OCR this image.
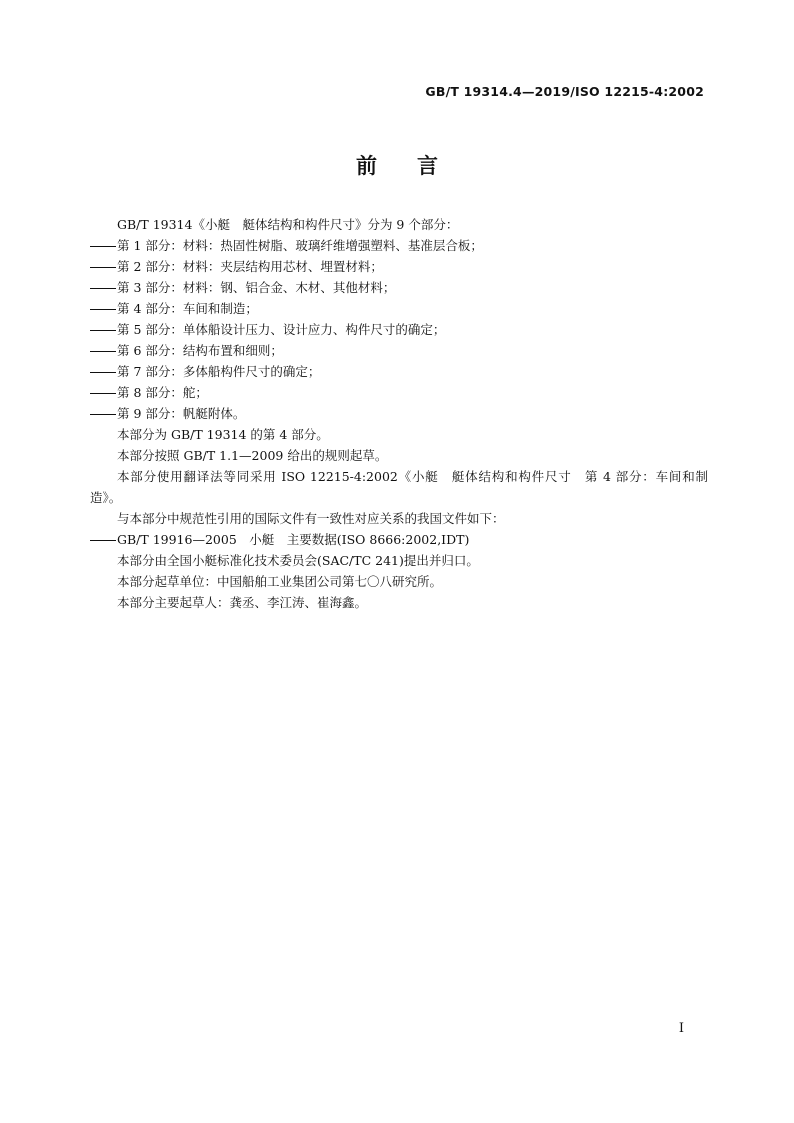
GB/T 19314.4—2019/ISO 12215-4:2002
前言

GB/T 19314《小艇　艇体结构和构件尺寸》分为 9 个部分：

第 1 部分：材料：热固性树脂、玻璃纤维增强塑料、基准层合板；

第 2 部分：材料：夹层结构用芯材、埋置材料；

第 3 部分：材料：钢、铝合金、木材、其他材料；

第 4 部分：车间和制造；

第 5 部分：单体船设计压力、设计应力、构件尺寸的确定；

第 6 部分：结构布置和细则；

第 7 部分：多体船构件尺寸的确定；

第 8 部分：舵；

第 9 部分：帆艇附体。

本部分为 GB/T 19314 的第 4 部分。

本部分按照 GB/T 1.1—2009 给出的规则起草。

本部分使用翻译法等同采用 ISO 12215-4:2002《小艇　艇体结构和构件尺寸　第 4 部分：车间和制造》。

与本部分中规范性引用的国际文件有一致性对应关系的我国文件如下：

GB/T 19916—2005　小艇　主要数据(ISO 8666:2002,IDT)

本部分由全国小艇标准化技术委员会(SAC/TC 241)提出并归口。

本部分起草单位：中国船舶工业集团公司第七〇八研究所。

本部分主要起草人：龚丞、李江涛、崔海鑫。

I
